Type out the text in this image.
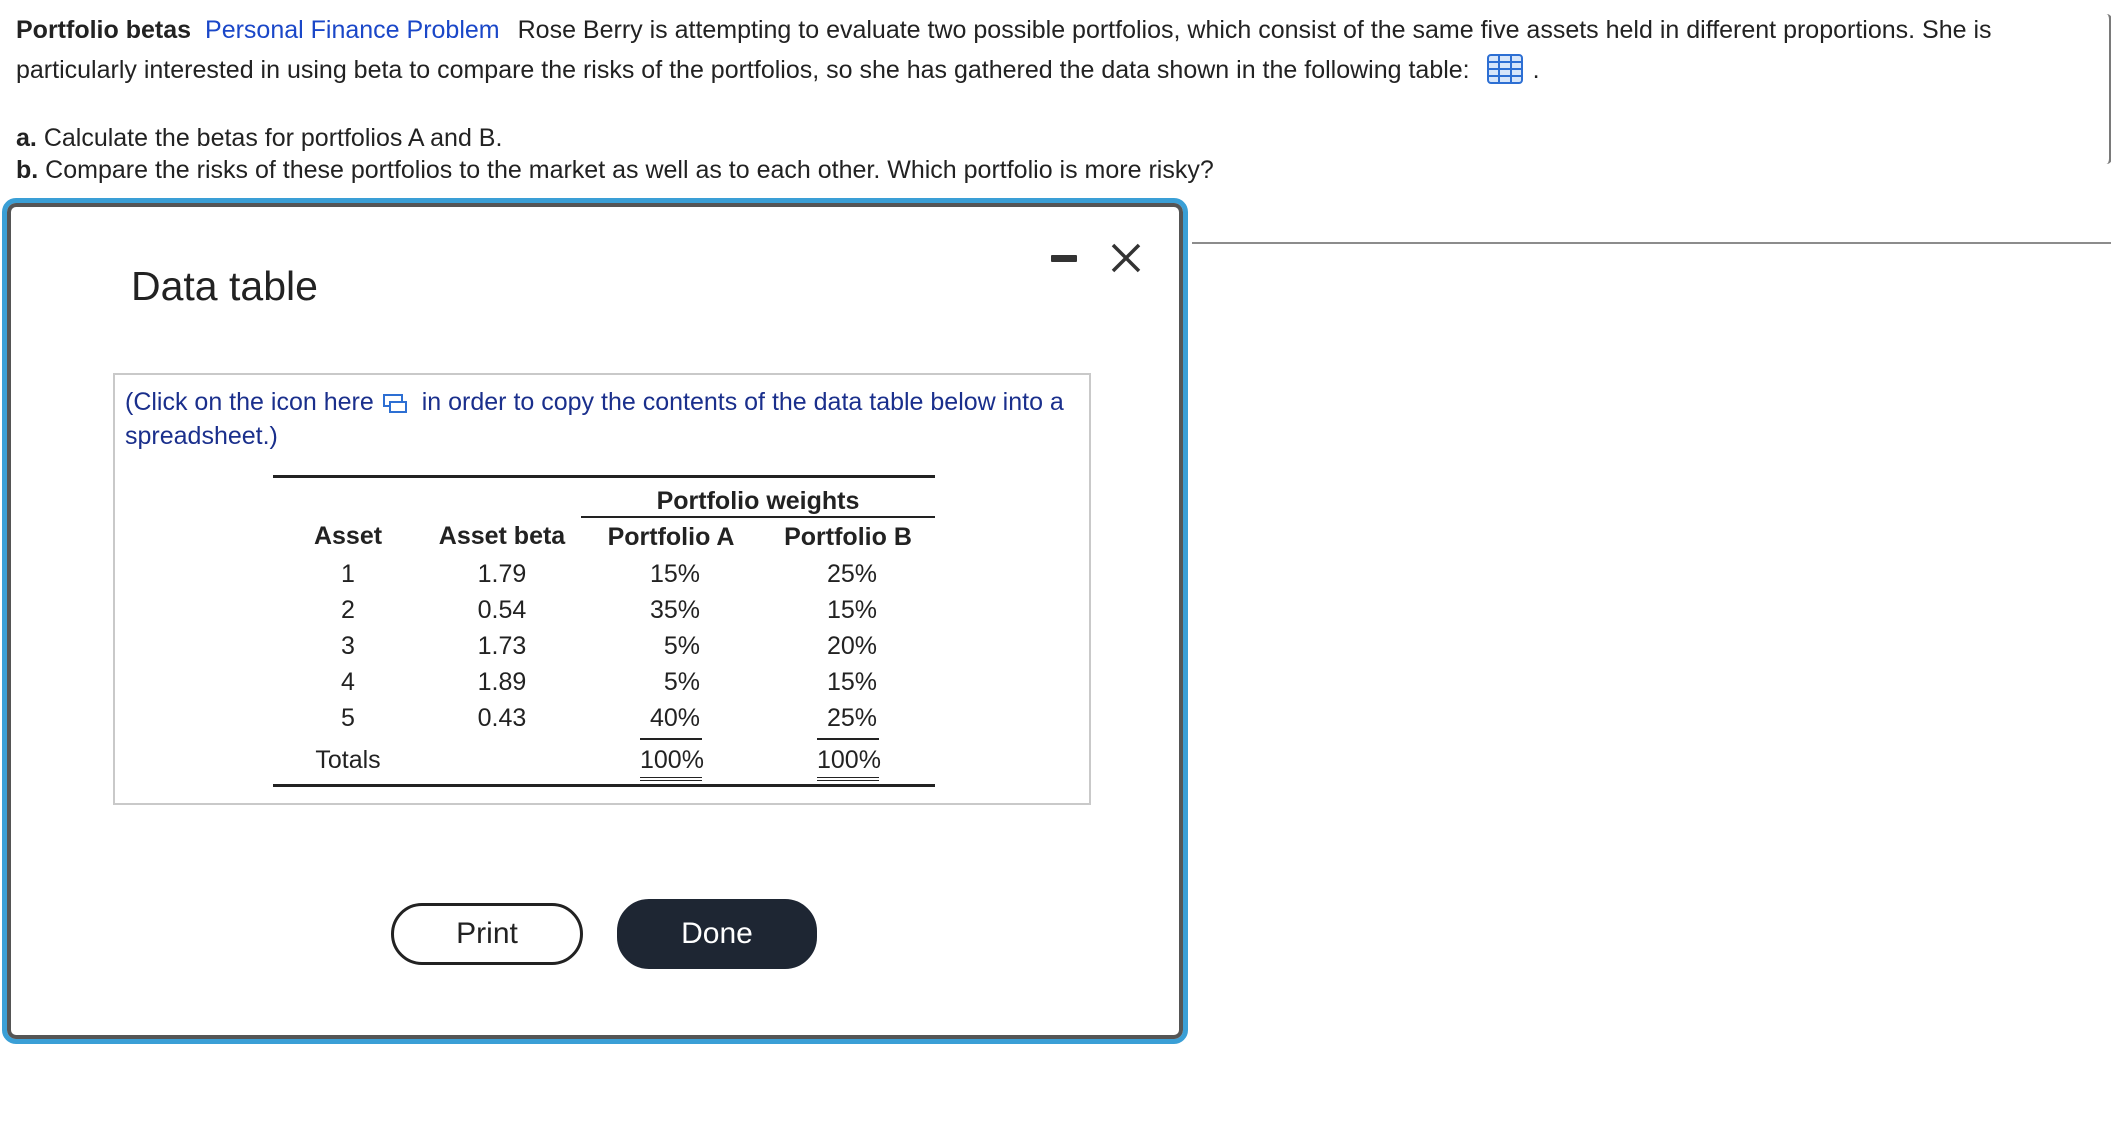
Portfolio betas Personal Finance Problem Rose Berry is attempting to evaluate two possible portfolios, which consist of the same five assets held in different proportions. She is particularly interested in using beta to compare the risks of the portfolios, so she has gathered the data shown in the following table:	.
a. Calculate the betas for portfolios A and B.
b. Compare the risks of these portfolios to the market as well as to each other. Which portfolio is more risky?
Data table
(Click on the icon here in order to copy the contents of the data table below into a spreadsheet.)
		Portfolio weights	
Asset	Asset beta	Portfolio A	Portfolio B
1	1.79	15%	25%
2	0.54	35%	15%
3	1.73	5%	20%
4	1.89	5%	15%
5	0.43	40%	25%
Totals		100%	100%
Print	Done
